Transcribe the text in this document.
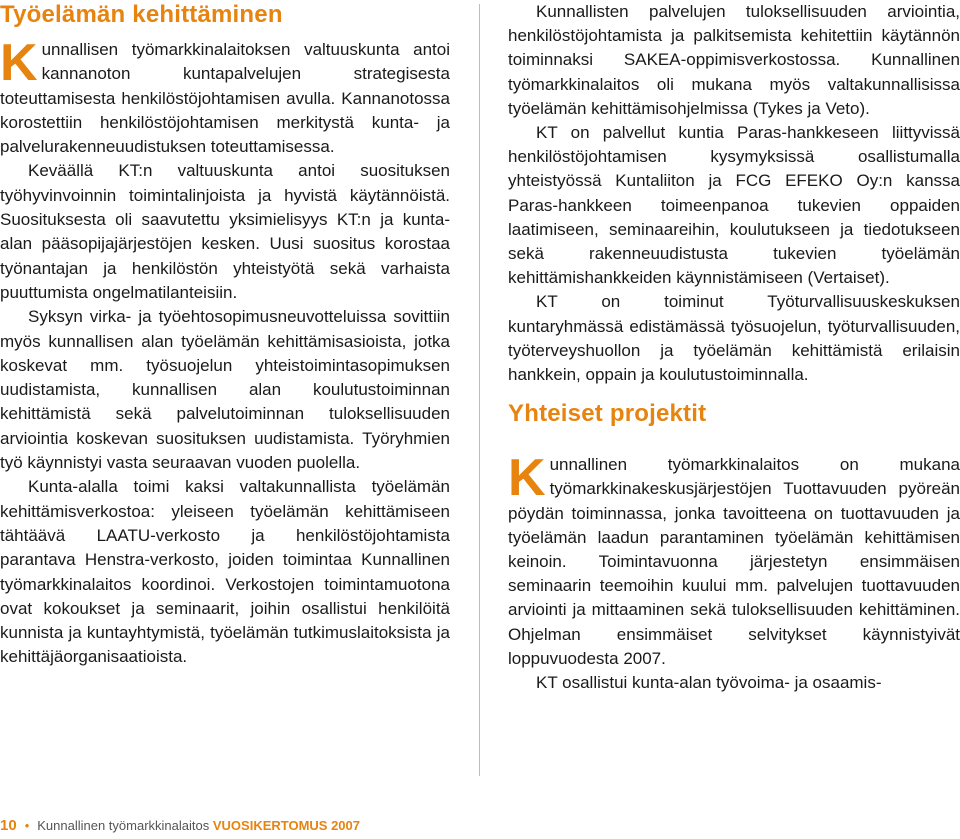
Työelämän kehittäminen

Kunnallisen työmarkkinalaitoksen valtuuskunta antoi kannanoton kuntapalvelujen strategisesta toteuttamisesta henkilöstöjohtamisen avulla. Kannanotossa korostettiin henkilöstöjohtamisen merkitystä kunta- ja palvelurakenneuudistuksen toteuttamisessa.

Keväällä KT:n valtuuskunta antoi suosituksen työhyvinvoinnin toimintalinjoista ja hyvistä käytännöistä. Suosituksesta oli saavutettu yksimielisyys KT:n ja kunta-alan pääsopijajärjestöjen kesken. Uusi suositus korostaa työnantajan ja henkilöstön yhteistyötä sekä varhaista puuttumista ongelmatilanteisiin.

Syksyn virka- ja työehtosopimusneuvotteluissa sovittiin myös kunnallisen alan työelämän kehittämisasioista, jotka koskevat mm. työsuojelun yhteistoimintasopimuksen uudistamista, kunnallisen alan koulutustoiminnan kehittämistä sekä palvelutoiminnan tuloksellisuuden arviointia koskevan suosituksen uudistamista. Työryhmien työ käynnistyi vasta seuraavan vuoden puolella.

Kunta-alalla toimi kaksi valtakunnallista työelämän kehittämisverkostoa: yleiseen työelämän kehittämiseen tähtäävä LAATU-verkosto ja henkilöstöjohtamista parantava Henstra-verkosto, joiden toimintaa Kunnallinen työmarkkinalaitos koordinoi. Verkostojen toimintamuotona ovat kokoukset ja seminaarit, joihin osallistui henkilöitä kunnista ja kuntayhtymistä, työelämän tutkimuslaitoksista ja kehittäjäorganisaatioista.

Kunnallisten palvelujen tuloksellisuuden arviointia, henkilöstöjohtamista ja palkitsemista kehitettiin käytännön toiminnaksi SAKEA-oppimisverkostossa. Kunnallinen työmarkkinalaitos oli mukana myös valtakunnallisissa työelämän kehittämisohjelmissa (Tykes ja Veto).

KT on palvellut kuntia Paras-hankkeseen liittyvissä henkilöstöjohtamisen kysymyksissä osallistumalla yhteistyössä Kuntaliiton ja FCG EFEKO Oy:n kanssa Paras-hankkeen toimeenpanoa tukevien oppaiden laatimiseen, seminaareihin, koulutukseen ja tiedotukseen sekä rakenneuudistusta tukevien työelämän kehittämishankkeiden käynnistämiseen (Vertaiset).

KT on toiminut Työturvallisuuskeskuksen kuntaryhmässä edistämässä työsuojelun, työturvallisuuden, työterveyshuollon ja työelämän kehittämistä erilaisin hankkein, oppain ja koulutustoiminnalla.

Yhteiset projektit

Kunnallinen työmarkkinalaitos on mukana työmarkkinakeskusjärjestöjen Tuottavuuden pyöreän pöydän toiminnassa, jonka tavoitteena on tuottavuuden ja työelämän laadun parantaminen työelämän kehittämisen keinoin. Toimintavuonna järjestetyn ensimmäisen seminaarin teemoihin kuului mm. palvelujen tuottavuuden arviointi ja mittaaminen sekä tuloksellisuuden kehittäminen. Ohjelman ensimmäiset selvitykset käynnistyivät loppuvuodesta 2007.

KT osallistui kunta-alan työvoima- ja osaamis-

10 • Kunnallinen työmarkkinalaitos VUOSIKERTOMUS 2007
